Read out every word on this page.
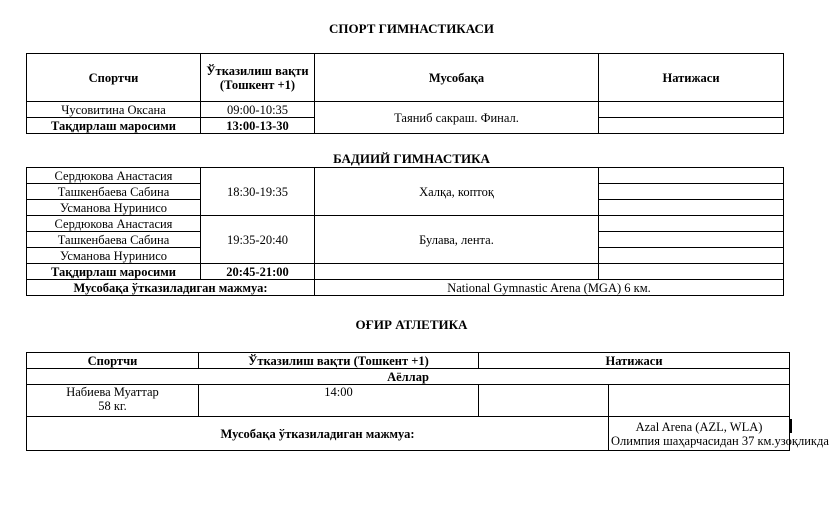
СПОРТ ГИМНАСТИКАСИ
Спортчи	Ўтказилиш вақти (Тошкент +1)	Мусобақа	Натижаси
Чусовитина Оксана	09:00-10:35	Таяниб сакраш. Финал.	
Тақдирлаш маросими	13:00-13-30		
БАДИИЙ ГИМНАСТИКА
Сердюкова Анастасия	18:30-19:35	Халқа, коптоқ	
Ташкенбаева Сабина			
Усманова Нуринисо			
Сердюкова Анастасия	19:35-20:40	Булава, лента.	
Ташкенбаева Сабина			
Усманова Нуринисо			
Тақдирлаш маросими	20:45-21:00		
Мусобақа ўтказиладиган мажмуа:		National Gymnastic Arena (MGA) 6 км.	
ОҒИР АТЛЕТИКА
Спортчи	Ўтказилиш вақти (Тошкент +1)	Натижаси	
Аёллар			

Набиева Муаттар
58 кг.	14:00		
Мусобақа ўтказиладиган мажмуа:			Azal Arena (AZL, WLA)
Олимпия шаҳарчасидан 37 км.узоқликда
